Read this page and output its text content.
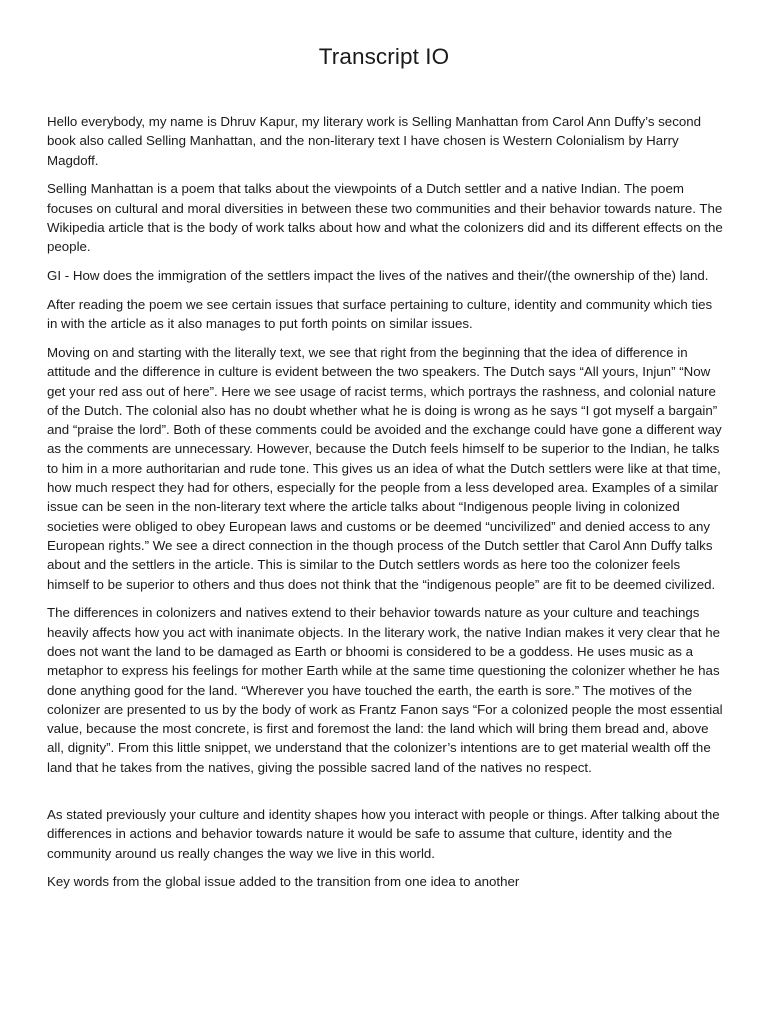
Transcript IO

Hello everybody, my name is Dhruv Kapur, my literary work is Selling Manhattan from Carol Ann Duffy’s second book also called Selling Manhattan, and the non-literary text I have chosen is Western Colonialism by Harry Magdoff.

Selling Manhattan is a poem that talks about the viewpoints of a Dutch settler and a native Indian. The poem focuses on cultural and moral diversities in between these two communities and their behavior towards nature. The Wikipedia article that is the body of work talks about how and what the colonizers did and its different effects on the people.

GI - How does the immigration of the settlers impact the lives of the natives and their/(the ownership of the) land.

After reading the poem we see certain issues that surface pertaining to culture, identity and community which ties in with the article as it also manages to put forth points on similar issues.

Moving on and starting with the literally text, we see that right from the beginning that the idea of difference in attitude and the difference in culture is evident between the two speakers. The Dutch says “All yours, Injun” “Now get your red ass out of here”. Here we see usage of racist terms, which portrays the rashness, and colonial nature of the Dutch. The colonial also has no doubt whether what he is doing is wrong as he says “I got myself a bargain” and “praise the lord”. Both of these comments could be avoided and the exchange could have gone a different way as the comments are unnecessary. However, because the Dutch feels himself to be superior to the Indian, he talks to him in a more authoritarian and rude tone. This gives us an idea of what the Dutch settlers were like at that time, how much respect they had for others, especially for the people from a less developed area. Examples of a similar issue can be seen in the non-literary text where the article talks about “Indigenous people living in colonized societies were obliged to obey European laws and customs or be deemed “uncivilized” and denied access to any European rights.” We see a direct connection in the though process of the Dutch settler that Carol Ann Duffy talks about and the settlers in the article. This is similar to the Dutch settlers words as here too the colonizer feels himself to be superior to others and thus does not think that the “indigenous people” are fit to be deemed civilized.

The differences in colonizers and natives extend to their behavior towards nature as your culture and teachings heavily affects how you act with inanimate objects. In the literary work, the native Indian makes it very clear that he does not want the land to be damaged as Earth or bhoomi is considered to be a goddess. He uses music as a metaphor to express his feelings for mother Earth while at the same time questioning the colonizer whether he has done anything good for the land. “Wherever you have touched the earth, the earth is sore.” The motives of the colonizer are presented to us by the body of work as Frantz Fanon says “For a colonized people the most essential value, because the most concrete, is first and foremost the land: the land which will bring them bread and, above all, dignity”. From this little snippet, we understand that the colonizer’s intentions are to get material wealth off the land that he takes from the natives, giving the possible sacred land of the natives no respect.

As stated previously your culture and identity shapes how you interact with people or things. After talking about the differences in actions and behavior towards nature it would be safe to assume that culture, identity and the community around us really changes the way we live in this world.

Key words from the global issue added to the transition from one idea to another
